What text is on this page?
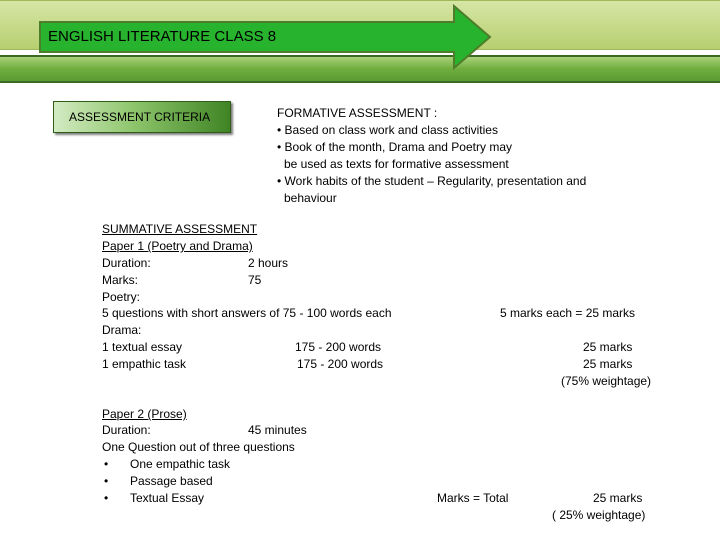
ENGLISH LITERATURE CLASS 8
ASSESSMENT CRITERIA	FORMATIVE ASSESSMENT :
• Based on class work and class activities
• Book of the month, Drama and Poetry may
be used as texts for formative assessment
• Work habits of the student – Regularity, presentation and
behaviour
SUMMATIVE ASSESSMENT
Paper 1 (Poetry and Drama)
Duration:	2 hours
Marks:	75
Poetry:
5 questions with short answers of 75 - 100 words each	5 marks each = 25 marks
Drama:
1 textual essay	175 - 200 words	25 marks
1 empathic task	175 - 200 words	25 marks
(75% weightage)
Paper 2 (Prose)
Duration:	45 minutes
One Question out of three questions
• One empathic task
• Passage based
• Textual Essay	Marks = Total	25 marks
( 25% weightage)
